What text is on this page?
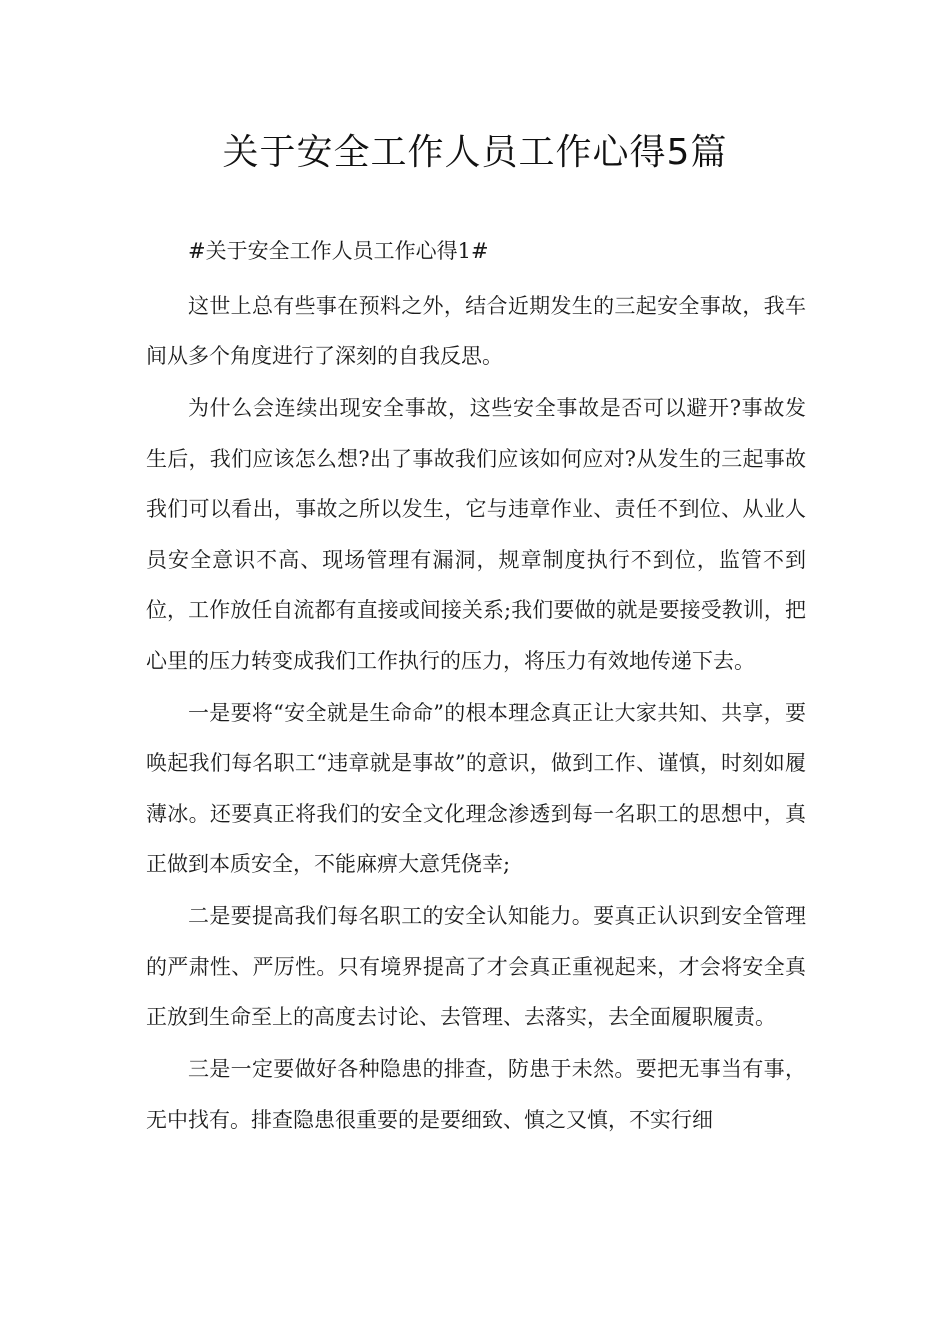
关于安全工作人员工作心得5篇

#关于安全工作人员工作心得1#

这世上总有些事在预料之外，结合近期发生的三起安全事故，我车间从多个角度进行了深刻的自我反思。

为什么会连续出现安全事故，这些安全事故是否可以避开?事故发生后，我们应该怎么想?出了事故我们应该如何应对?从发生的三起事故我们可以看出，事故之所以发生，它与违章作业、责任不到位、从业人员安全意识不高、现场管理有漏洞，规章制度执行不到位，监管不到位，工作放任自流都有直接或间接关系;我们要做的就是要接受教训，把心里的压力转变成我们工作执行的压力，将压力有效地传递下去。

一是要将“安全就是生命命”的根本理念真正让大家共知、共享，要唤起我们每名职工“违章就是事故”的意识，做到工作、谨慎，时刻如履薄冰。还要真正将我们的安全文化理念渗透到每一名职工的思想中，真正做到本质安全，不能麻痹大意凭侥幸;

二是要提高我们每名职工的安全认知能力。要真正认识到安全管理的严肃性、严厉性。只有境界提高了才会真正重视起来，才会将安全真正放到生命至上的高度去讨论、去管理、去落实，去全面履职履责。

三是一定要做好各种隐患的排查，防患于未然。要把无事当有事，无中找有。排查隐患很重要的是要细致、慎之又慎，不实行细
